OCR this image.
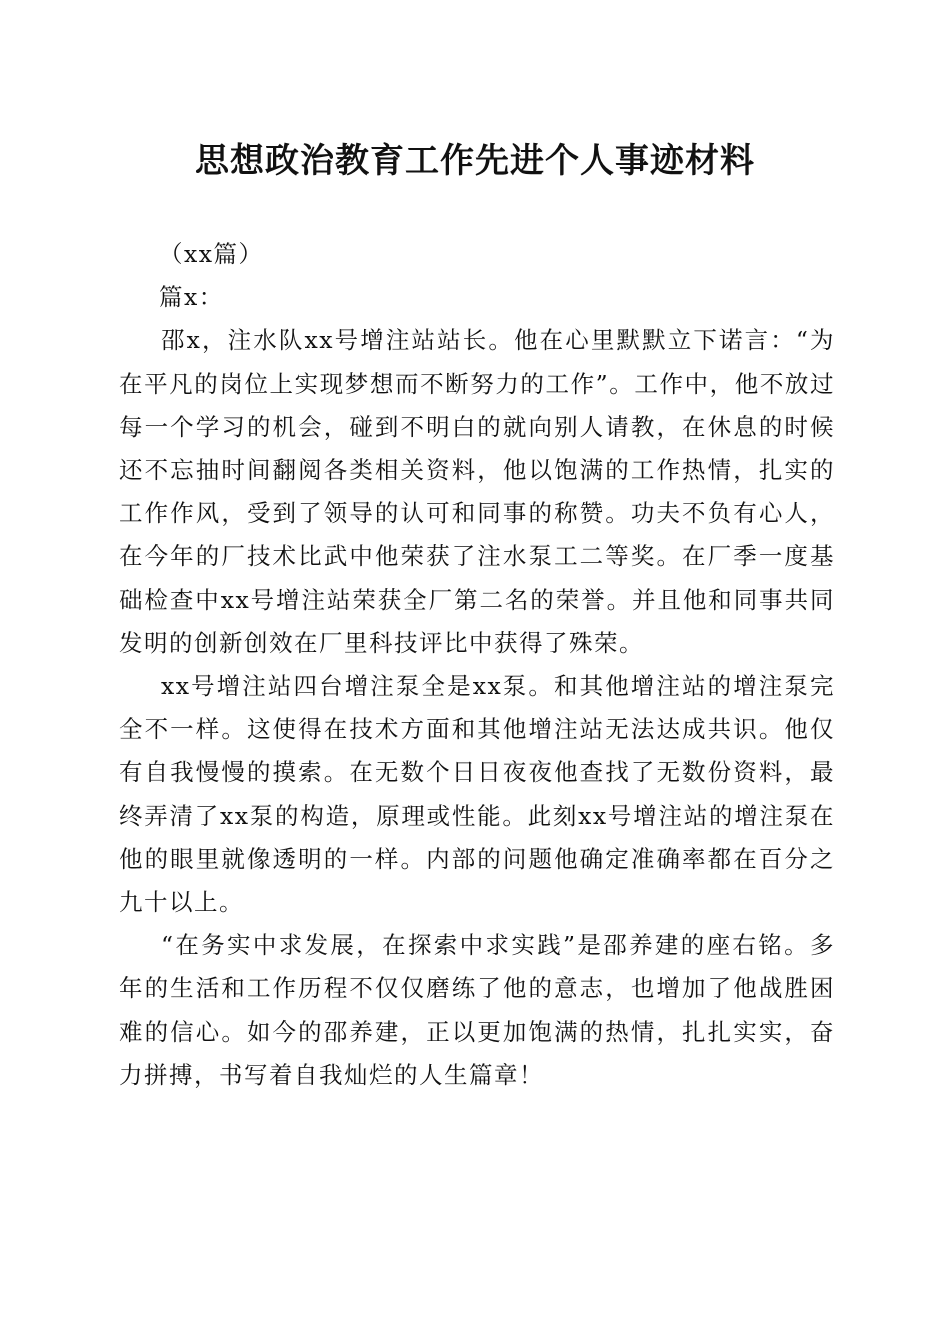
思想政治教育工作先进个人事迹材料

（xx篇）

篇x：

邵x，注水队xx号增注站站长。他在心里默默立下诺言：“为在平凡的岗位上实现梦想而不断努力的工作”。工作中，他不放过每一个学习的机会，碰到不明白的就向别人请教，在休息的时候还不忘抽时间翻阅各类相关资料，他以饱满的工作热情，扎实的工作作风，受到了领导的认可和同事的称赞。功夫不负有心人，在今年的厂技术比武中他荣获了注水泵工二等奖。在厂季一度基础检查中xx号增注站荣获全厂第二名的荣誉。并且他和同事共同发明的创新创效在厂里科技评比中获得了殊荣。

xx号增注站四台增注泵全是xx泵。和其他增注站的增注泵完全不一样。这使得在技术方面和其他增注站无法达成共识。他仅有自我慢慢的摸索。在无数个日日夜夜他查找了无数份资料，最终弄清了xx泵的构造，原理或性能。此刻xx号增注站的增注泵在他的眼里就像透明的一样。内部的问题他确定准确率都在百分之九十以上。

“在务实中求发展，在探索中求实践”是邵养建的座右铭。多年的生活和工作历程不仅仅磨练了他的意志，也增加了他战胜困难的信心。如今的邵养建，正以更加饱满的热情，扎扎实实，奋力拼搏，书写着自我灿烂的人生篇章！
